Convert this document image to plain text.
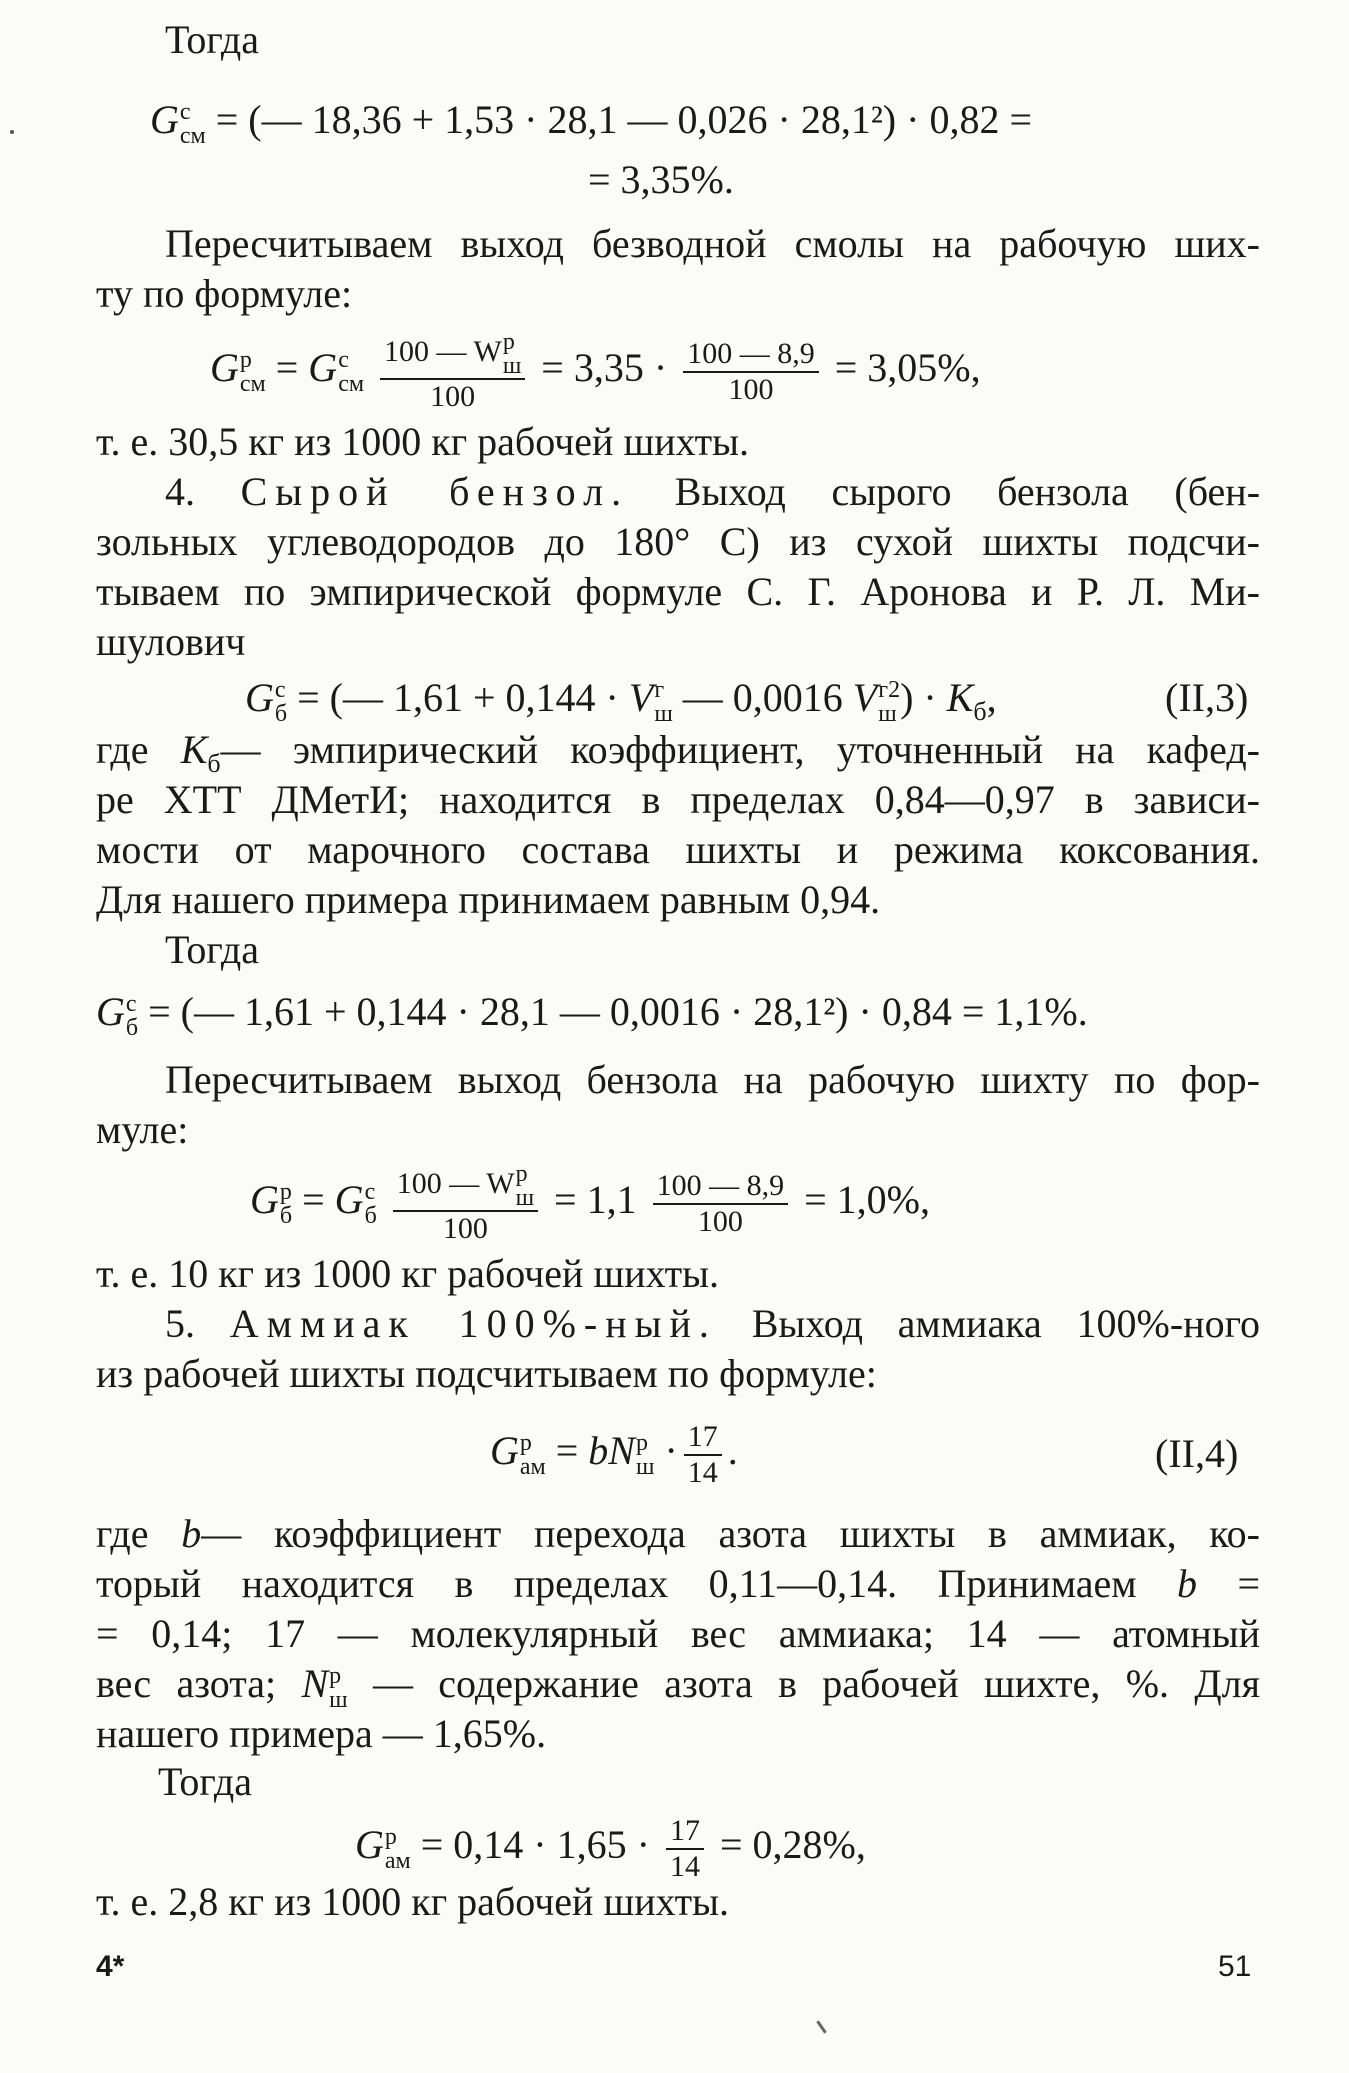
Тогда
G с
см = (— 18,36 + 1,53 · 28,1 — 0,026 · 28,1²) · 0,82 =
= 3,35%.
Пересчитываем выход безводной смолы на рабочую ших-
ту по формуле:
G р
см = G с
см
100 — W р
ш
$100 = 3,35 \cdot \frac{100 — 8,9}{100} = 3,05\%$,
т. е. 30,5 кг из 1000 кг рабочей шихты.
4. Сырой бензол. Выход сырого бензола (бен-
зольных углеводородов до 180° С) из сухой шихты подсчи-
тываем по эмпирической формуле С. Г. Аронова и Р. Л. Ми-
шулович
G с
б = (— 1,61 + 0,144 · V г
ш — 0,0016 V г2
ш ) · $K_б$,	(II,3)
где $K_б—$ эмпирический коэффициент, уточненный на кафед-
ре ХТТ ДМетИ; находится в пределах 0,84—0,97 в зависи-
мости от марочного состава шихты и режима коксования.
Для нашего примера принимаем равным 0,94.
Тогда
G с
б = (— 1,61 + 0,144 · 28,1 — 0,0016 · 28,1²) · 0,84 = 1,1%.
Пересчитываем выход бензола на рабочую шихту по фор-
муле:
G р
б = G с
б
100 — W р
ш
$100 = 1,1 \frac{100 — 8,9}{100} = 1,0\%$,
т. е. 10 кг из 1000 кг рабочей шихты.
5. Аммиак 100%-ный. Выход аммиака 100%-ного
из рабочей шихты подсчитываем по формуле:
G р
ам = bN р
$ш \cdot \frac{17}{14}$ .	(II,4)
где b— коэффициент перехода азота шихты в аммиак, ко-
торый находится в пределах 0,11—0,14. Принимаем b =
= 0,14; 17 — молекулярный вес аммиака; 14 — атомный
вес азота; N р
ш — содержание азота в рабочей шихте, %. Для
нашего примера — 1,65%.
Тогда
G р
ам = $0,14 \cdot 1,65 \cdot \frac{17}{14} = 0,28\%$,
т. е. 2,8 кг из 1000 кг рабочей шихты.
4*	51
